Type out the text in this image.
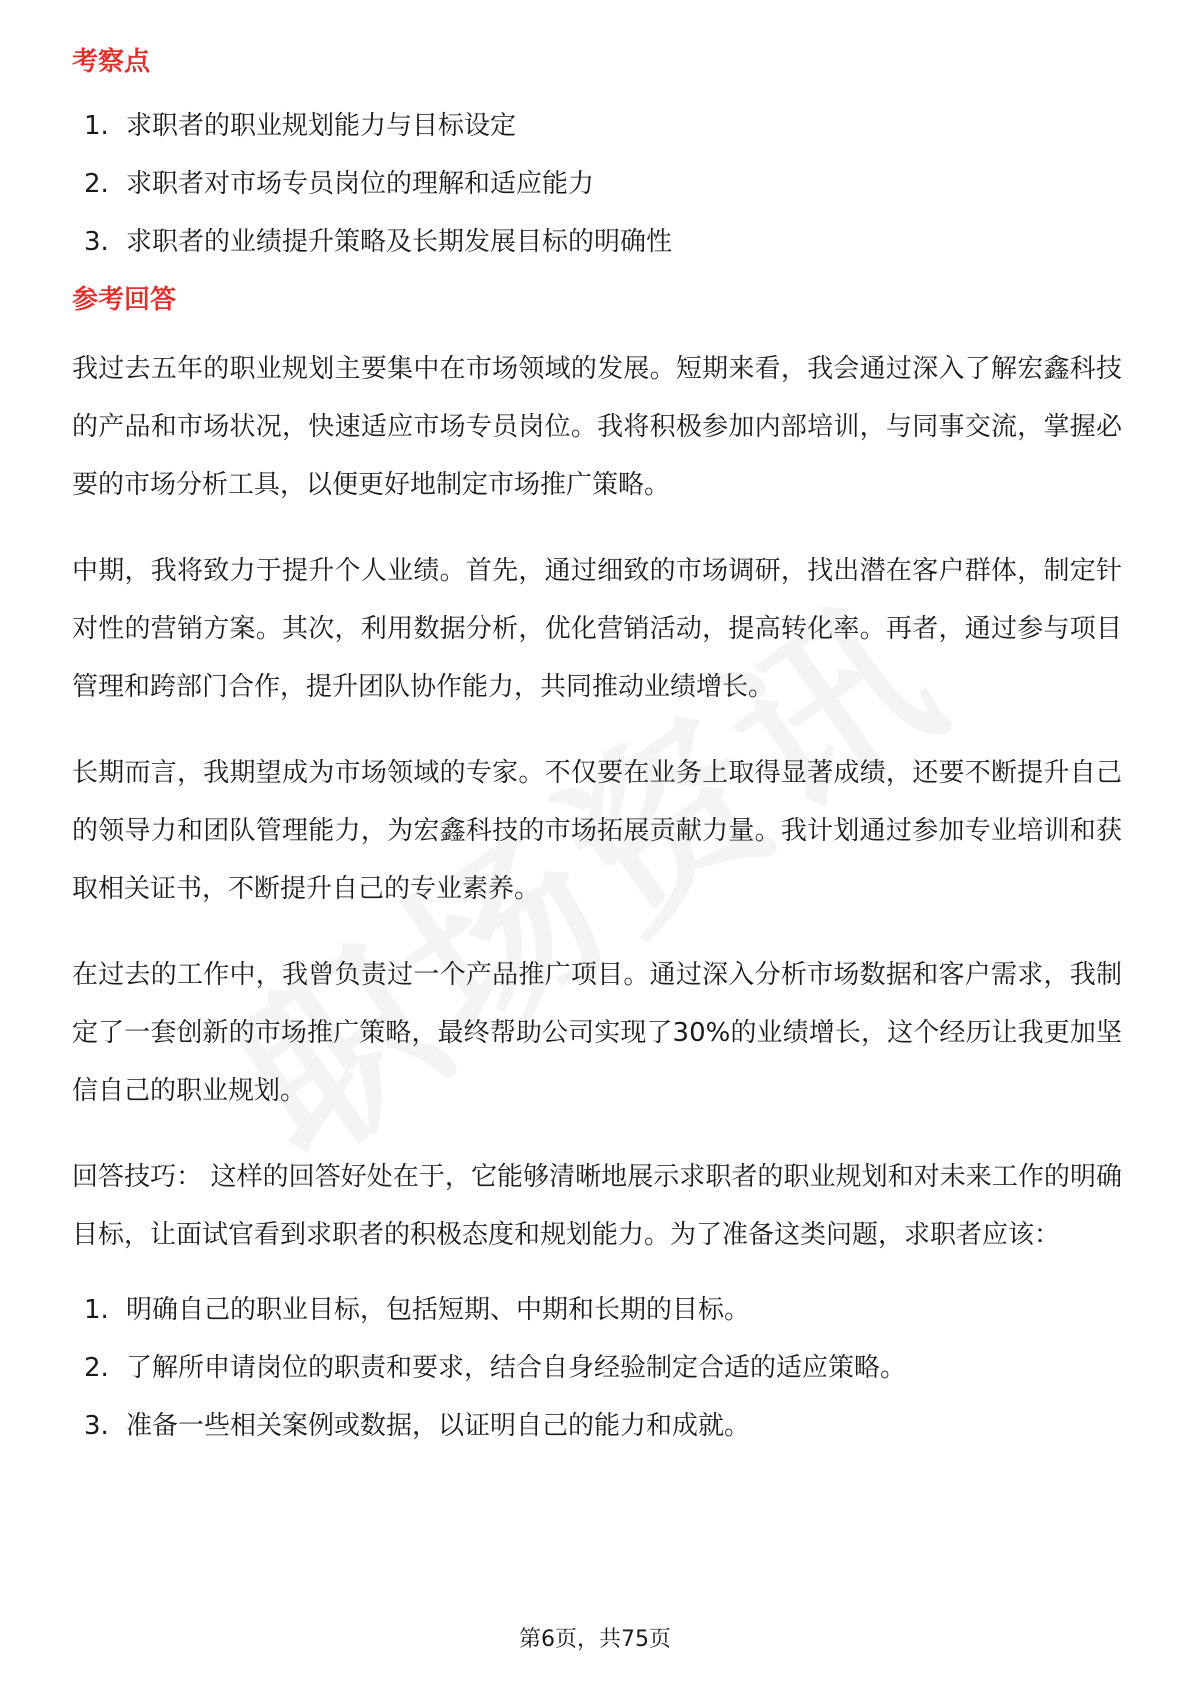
考察点
1. 求职者的职业规划能力与目标设定
2. 求职者对市场专员岗位的理解和适应能力
3. 求职者的业绩提升策略及长期发展目标的明确性
参考回答

我过去五年的职业规划主要集中在市场领域的发展。短期来看，我会通过深入了解宏鑫科技的产品和市场状况，快速适应市场专员岗位。我将积极参加内部培训，与同事交流，掌握必要的市场分析工具，以便更好地制定市场推广策略。

中期，我将致力于提升个人业绩。首先，通过细致的市场调研，找出潜在客户群体，制定针对性的营销方案。其次，利用数据分析，优化营销活动，提高转化率。再者，通过参与项目管理和跨部门合作，提升团队协作能力，共同推动业绩增长。

长期而言，我期望成为市场领域的专家。不仅要在业务上取得显著成绩，还要不断提升自己的领导力和团队管理能力，为宏鑫科技的市场拓展贡献力量。我计划通过参加专业培训和获取相关证书，不断提升自己的专业素养。

在过去的工作中，我曾负责过一个产品推广项目。通过深入分析市场数据和客户需求，我制定了一套创新的市场推广策略，最终帮助公司实现了30%的业绩增长，这个经历让我更加坚信自己的职业规划。

回答技巧： 这样的回答好处在于，它能够清晰地展示求职者的职业规划和对未来工作的明确目标，让面试官看到求职者的积极态度和规划能力。为了准备这类问题，求职者应该：

1. 明确自己的职业目标，包括短期、中期和长期的目标。
2. 了解所申请岗位的职责和要求，结合自身经验制定合适的适应策略。
3. 准备一些相关案例或数据，以证明自己的能力和成就。
第6页，共75页
